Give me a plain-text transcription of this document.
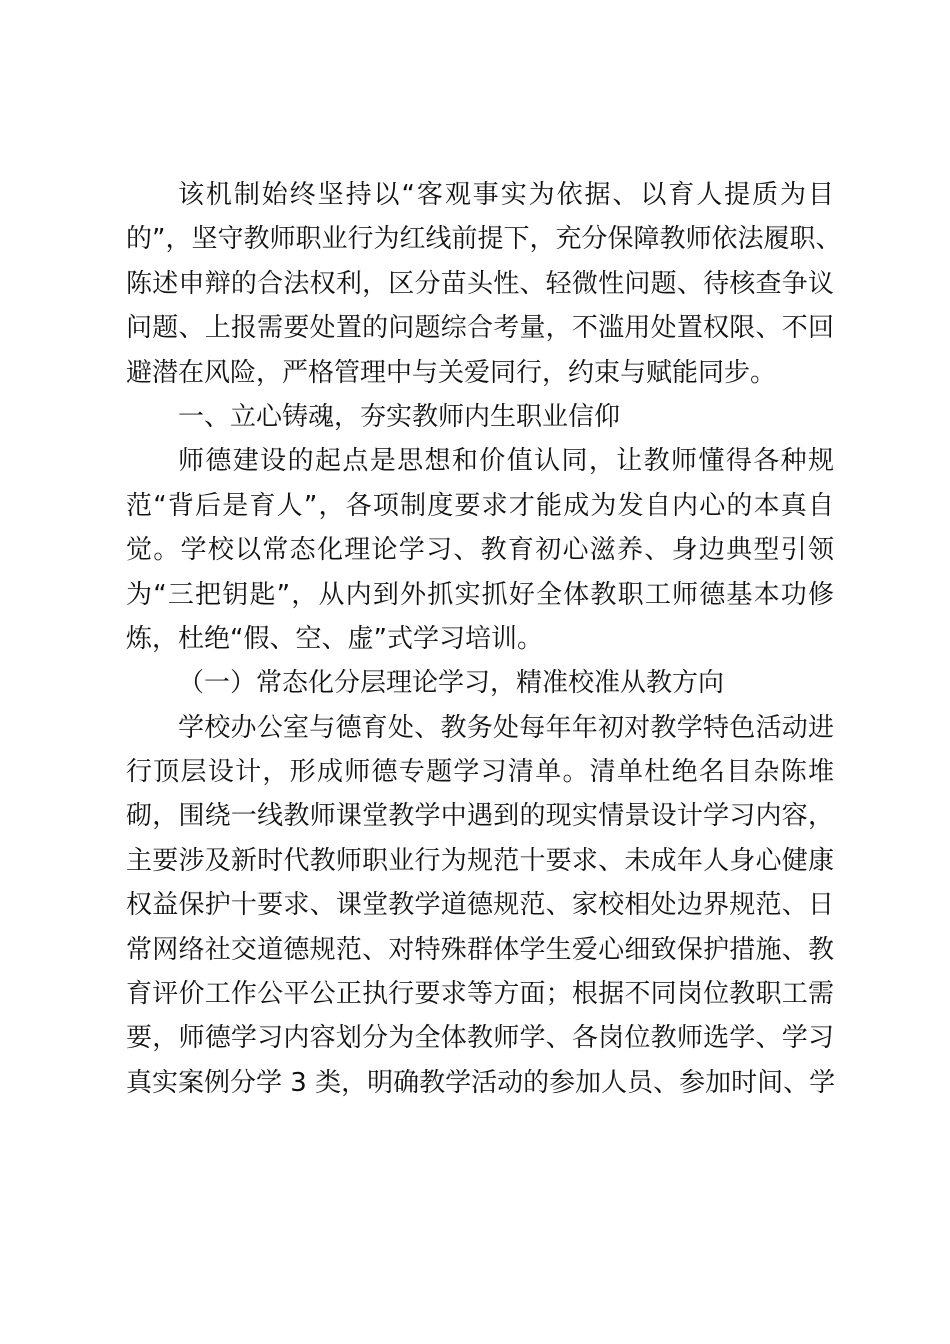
该机制始终坚持以“客观事实为依据、以育人提质为目
的”，坚守教师职业行为红线前提下，充分保障教师依法履职、
陈述申辩的合法权利，区分苗头性、轻微性问题、待核查争议
问题、上报需要处置的问题综合考量，不滥用处置权限、不回
避潜在风险，严格管理中与关爱同行，约束与赋能同步。
一、立心铸魂，夯实教师内生职业信仰
师德建设的起点是思想和价值认同，让教师懂得各种规
范“背后是育人”，各项制度要求才能成为发自内心的本真自
觉。学校以常态化理论学习、教育初心滋养、身边典型引领
为“三把钥匙”，从内到外抓实抓好全体教职工师德基本功修
炼，杜绝“假、空、虚”式学习培训。
（一）常态化分层理论学习，精准校准从教方向
学校办公室与德育处、教务处每年年初对教学特色活动进
行顶层设计，形成师德专题学习清单。清单杜绝名目杂陈堆
砌，围绕一线教师课堂教学中遇到的现实情景设计学习内容，
主要涉及新时代教师职业行为规范十要求、未成年人身心健康
权益保护十要求、课堂教学道德规范、家校相处边界规范、日
常网络社交道德规范、对特殊群体学生爱心细致保护措施、教
育评价工作公平公正执行要求等方面；根据不同岗位教职工需
要，师德学习内容划分为全体教师学、各岗位教师选学、学习
真实案例分学 3 类，明确教学活动的参加人员、参加时间、学
